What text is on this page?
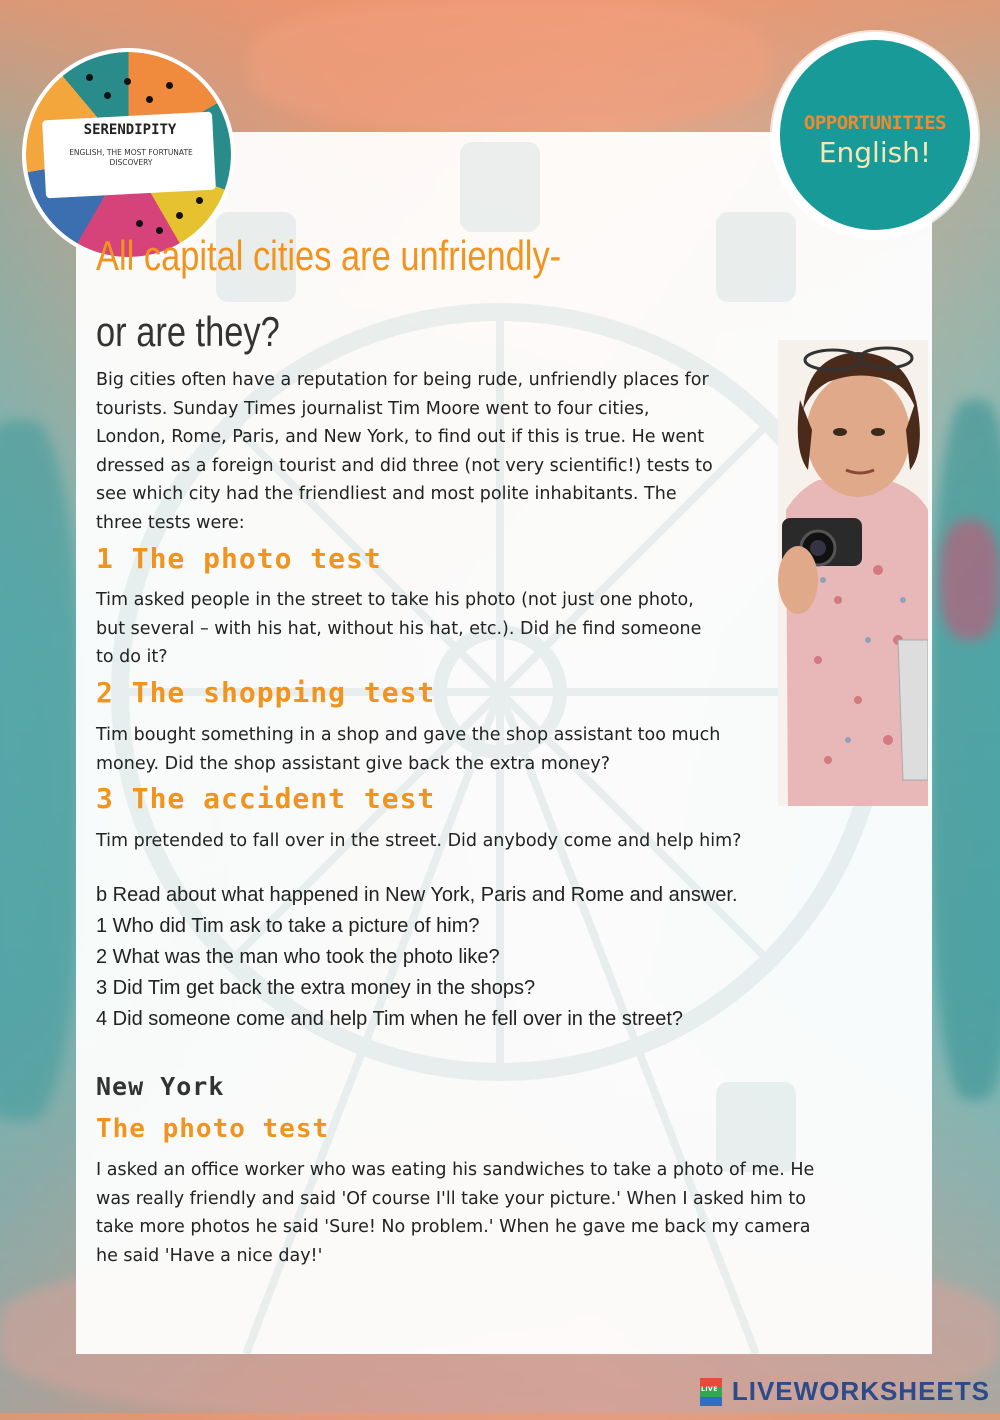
SERENDIPITY
ENGLISH, THE MOST FORTUNATE DISCOVERY
OPPORTUNITIES
English!
All capital cities are unfriendly-
or are they?
Big cities often have a reputation for being rude, unfriendly places for
tourists. Sunday Times journalist Tim Moore went to four cities,
London, Rome, Paris, and New York, to find out if this is true. He went
dressed as a foreign tourist and did three (not very scientific!) tests to
see which city had the friendliest and most polite inhabitants. The
three tests were:
1 The photo test
Tim asked people in the street to take his photo (not just one photo,
but several – with his hat, without his hat, etc.). Did he find someone
to do it?
2 The shopping test
Tim bought something in a shop and gave the shop assistant too much
money. Did the shop assistant give back the extra money?
3 The accident test
Tim pretended to fall over in the street. Did anybody come and help him?
b Read about what happened in New York, Paris and Rome and answer.
1 Who did Tim ask to take a picture of him?
2 What was the man who took the photo like?
3 Did Tim get back the extra money in the shops?
4 Did someone come and help Tim when he fell over in the street?
New York
The photo test
I asked an office worker who was eating his sandwiches to take a photo of me. He
was really friendly and said 'Of course I'll take your picture.' When I asked him to
take more photos he said 'Sure! No problem.' When he gave me back my camera
he said 'Have a nice day!'
LIVE LIVEWORKSHEETS
